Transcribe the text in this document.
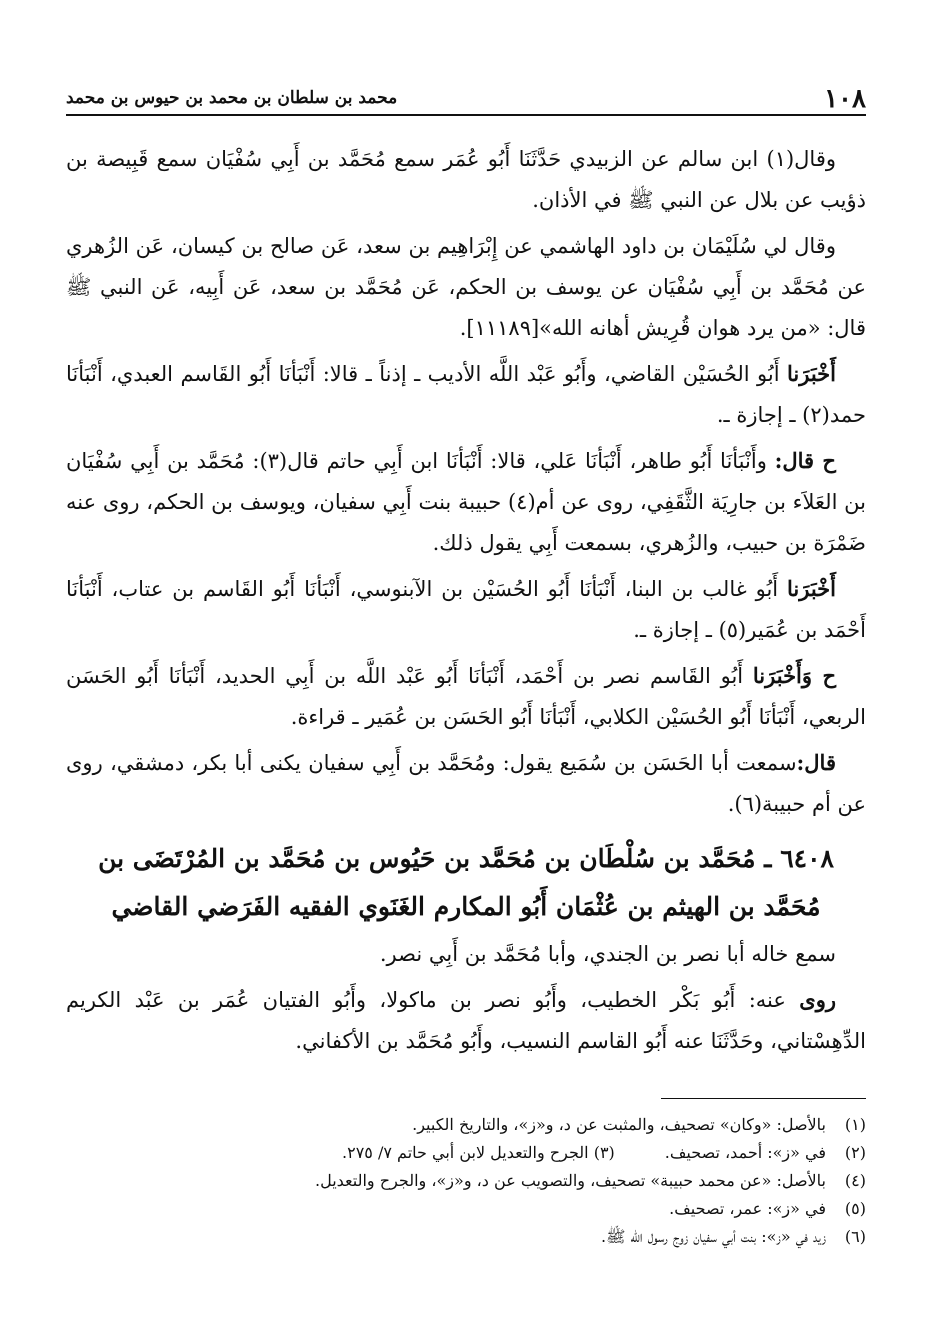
١٠٨
محمد بن سلطان بن محمد بن حيوس بن محمد

وقال(١) ابن سالم عن الزبيدي حَدَّثَنَا أَبُو عُمَر سمع مُحَمَّد بن أَبِي سُفْيَان سمع قَبِيصة بن ذؤيب عن بلال عن النبي ﷺ في الأذان.

وقال لي سُلَيْمَان بن داود الهاشمي عن إِبْرَاهِيم بن سعد، عَن صالح بن كيسان، عَن الزُهري عن مُحَمَّد بن أَبِي سُفْيَان عن يوسف بن الحكم، عَن مُحَمَّد بن سعد، عَن أَبِيه، عَن النبي ﷺ قال: «من يرد هوان قُرِيش أهانه الله»[١١١٨٩].

أَخْبَرَنا أَبُو الحُسَيْن القاضي، وأَبُو عَبْد اللَّه الأديب ـ إذناً ـ قالا: أَنْبَأنَا أَبُو القَاسم العبدي، أَنْبَأنَا حمد(٢) ـ إجازة ـ.

ح قال: وأَنْبَأنَا أَبُو طاهر، أَنْبَأنَا عَلي، قالا: أَنْبَأنَا ابن أَبِي حاتم قال(٣): مُحَمَّد بن أَبِي سُفْيَان بن العَلاَء بن جارِيَة الثَّقَفِي، روى عن أم(٤) حبيبة بنت أَبِي سفيان، ويوسف بن الحكم، روى عنه ضَمْرَة بن حبيب، والزُهري، بسمعت أَبِي يقول ذلك.

أَخْبَرَنا أَبُو غالب بن البنا، أَنْبَأنَا أَبُو الحُسَيْن بن الآبنوسي، أَنْبَأنَا أَبُو القَاسم بن عتاب، أَنْبَأنَا أَحْمَد بن عُمَير(٥) ـ إجازة ـ.

ح وَأَخْبَرَنا أَبُو القَاسم نصر بن أَحْمَد، أَنْبَأنَا أَبُو عَبْد اللَّه بن أَبِي الحديد، أَنْبَأنَا أَبُو الحَسَن الربعي، أَنْبَأنَا أَبُو الحُسَيْن الكلابي، أَنْبَأنَا أَبُو الحَسَن بن عُمَير ـ قراءة.

قال:سمعت أبا الحَسَن بن سُمَيع يقول: ومُحَمَّد بن أَبِي سفيان يكنى أبا بكر، دمشقي، روى عن أم حبيبة(٦).

٦٤٠٨ ـ مُحَمَّد بن سُلْطَان بن مُحَمَّد بن حَيُوس بن مُحَمَّد بن المُرْتَضَى بن مُحَمَّد بن الهيثم بن عُثْمَان أَبُو المكارم الغَنَوي الفقيه الفَرَضي القاضي

سمع خاله أبا نصر بن الجندي، وأبا مُحَمَّد بن أَبِي نصر.

روى عنه: أَبُو بَكْر الخطيب، وأَبُو نصر بن ماكولا، وأَبُو الفتيان عُمَر بن عَبْد الكريم الدِّهِسْتاني، وحَدَّثَنَا عنه أَبُو القاسم النسيب، وأَبُو مُحَمَّد بن الأكفاني.

(١)بالأصل: «وكان» تصحيف، والمثبت عن د، و«ز»، والتاريخ الكبير.

(٢)في «ز»: أحمد، تصحيف.(٣) الجرح والتعديل لابن أبي حاتم ٧/ ٢٧٥.

(٤)بالأصل: «عن محمد حبيبة» تصحيف، والتصويب عن د، و«ز»، والجرح والتعديل.

(٥)في «ز»: عمر، تصحيف.

(٦)زيد في «ز»: بنت أبي سفيان زوج رسول الله ﷺ.
